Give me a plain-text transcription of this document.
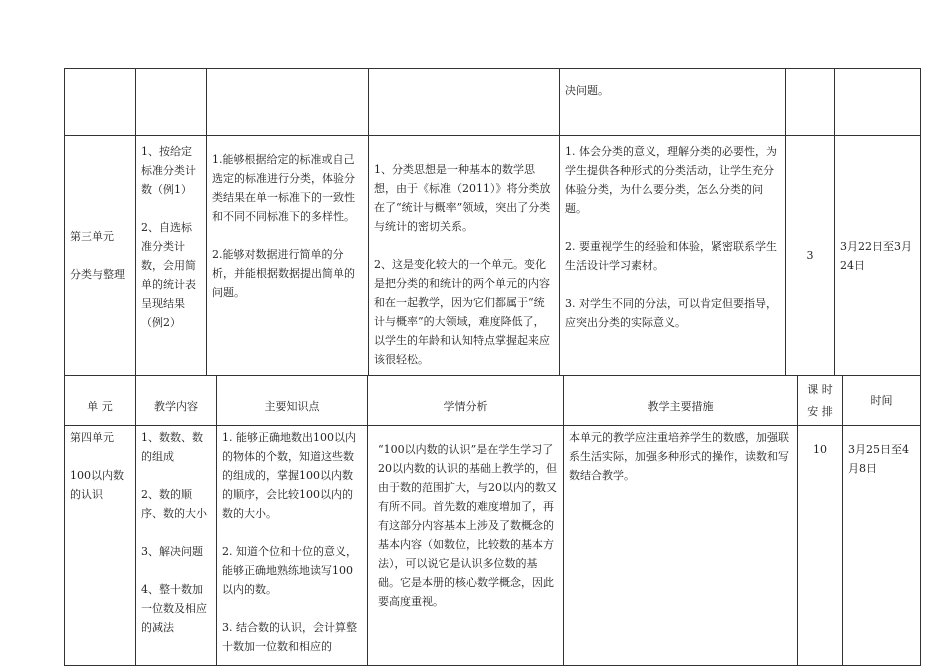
				决问题。		

第三单元

分类与整理	1、按给定标准分类计数（例1）

2、自选标准分类计数，会用简单的统计表呈现结果（例2）	1.能够根据给定的标准或自己选定的标准进行分类，体验分类结果在单一标准下的一致性和不同不同标准下的多样性。

2.能够对数据进行简单的分析，并能根据数据提出简单的问题。	1、分类思想是一种基本的数学思想，由于《标准（2011）》将分类放在了“统计与概率”领域，突出了分类与统计的密切关系。

2、这是变化较大的一个单元。变化是把分类的和统计的两个单元的内容和在一起教学，因为它们都属于“统计与概率”的大领域，难度降低了，以学生的年龄和认知特点掌握起来应该很轻松。	1. 体会分类的意义，理解分类的必要性，为学生提供各种形式的分类活动，让学生充分体验分类，为什么要分类，怎么分类的问题。

2. 要重视学生的经验和体验，紧密联系学生生活设计学习素材。

3. 对学生不同的分法，可以肯定但要指导，应突出分类的实际意义。	3	3月22日至3月24日
单 元	教学内容	主要知识点	学情分析	教学主要措施	课 时

安 排	时间

第四单元

100以内数的认识	1、数数、数的组成

2、数的顺序、数的大小

3、解决问题

4、整十数加一位数及相应的减法	1. 能够正确地数出100以内的物体的个数，知道这些数的组成的，掌握100以内数的顺序，会比较100以内的数的大小。

2. 知道个位和十位的意义，能够正确地熟练地读写100以内的数。

3. 结合数的认识，会计算整十数加一位数和相应的	“100以内数的认识”是在学生学习了20以内数的认识的基础上教学的，但由于数的范围扩大，与20以内的数又有所不同。首先数的难度增加了，再有这部分内容基本上涉及了数概念的基本内容（如数位，比较数的基本方法），可以说它是认识多位数的基础。它是本册的核心数学概念，因此要高度重视。	本单元的教学应注重培养学生的数感，加强联系生活实际，加强多种形式的操作，读数和写数结合教学。	10	3月25日至4月8日
